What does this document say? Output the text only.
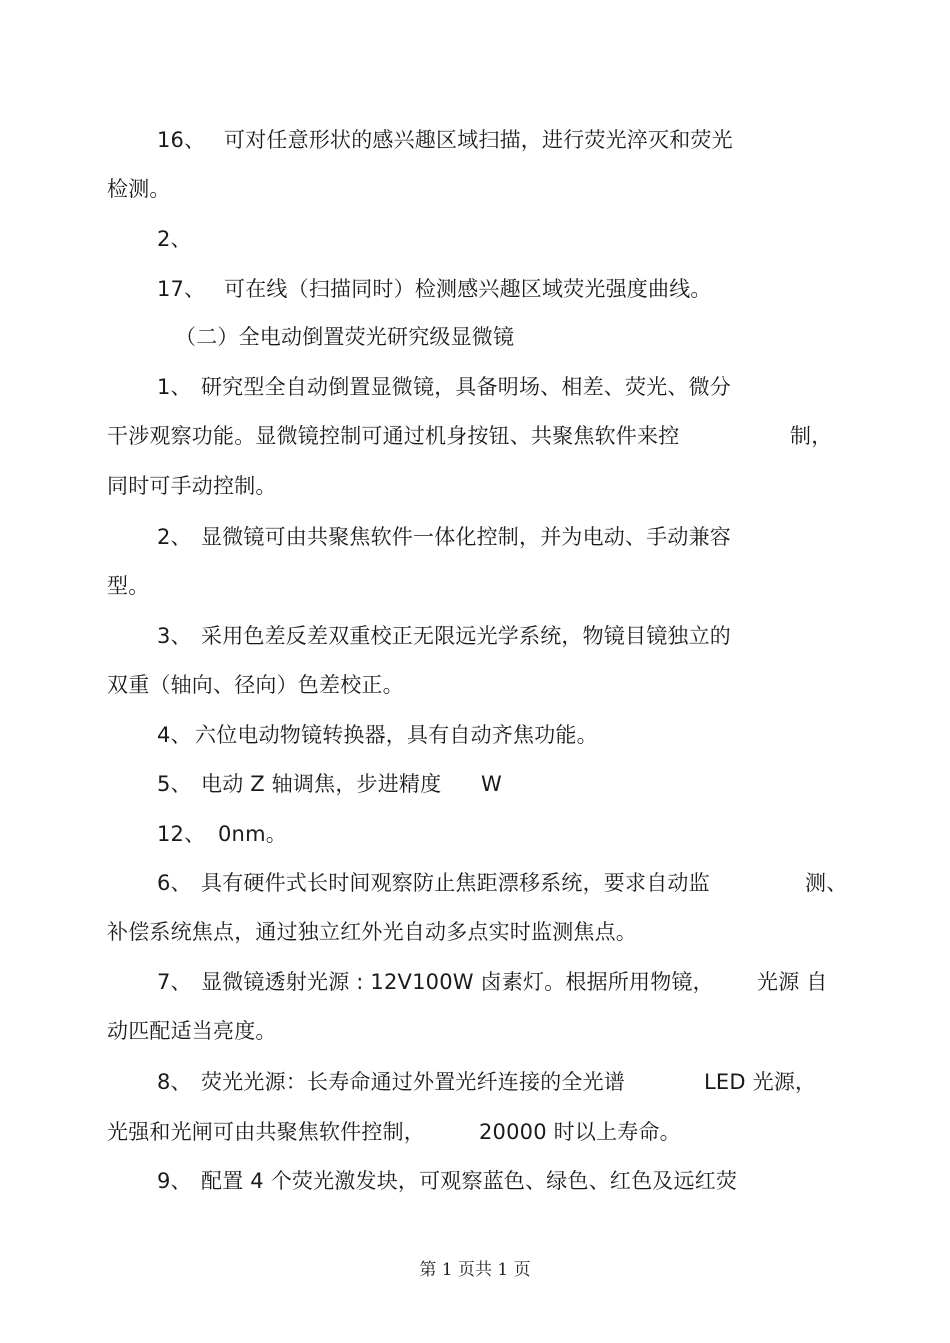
16、 可对任意形状的感兴趣区域扫描，进行荧光淬灭和荧光
检测。
2、
17、 可在线（扫描同时）检测感兴趣区域荧光强度曲线。
（二）全电动倒置荧光研究级显微镜
1、 研究型全自动倒置显微镜，具备明场、相差、荧光、微分
干涉观察功能。显微镜控制可通过机身按钮、共聚焦软件来控	制，
同时可手动控制。
2、 显微镜可由共聚焦软件一体化控制，并为电动、手动兼容
型。
3、 采用色差反差双重校正无限远光学系统，物镜目镜独立的
双重（轴向、径向）色差校正。
4、 六位电动物镜转换器，具有自动齐焦功能。
5、 电动 Z 轴调焦，步进精度 W
12、 0nm。
6、 具有硬件式长时间观察防止焦距漂移系统，要求自动监	测、
补偿系统焦点，通过独立红外光自动多点实时监测焦点。
7、 显微镜透射光源 : 12V100W 卤素灯。根据所用物镜， 光源 自
动匹配适当亮度。
8、 荧光光源：长寿命通过外置光纤连接的全光谱	LED 光源，
光强和光闸可由共聚焦软件控制，	20000 时以上寿命。
9、 配置 4 个荧光激发块，可观察蓝色、绿色、红色及远红荧
第 1 页共 1 页
